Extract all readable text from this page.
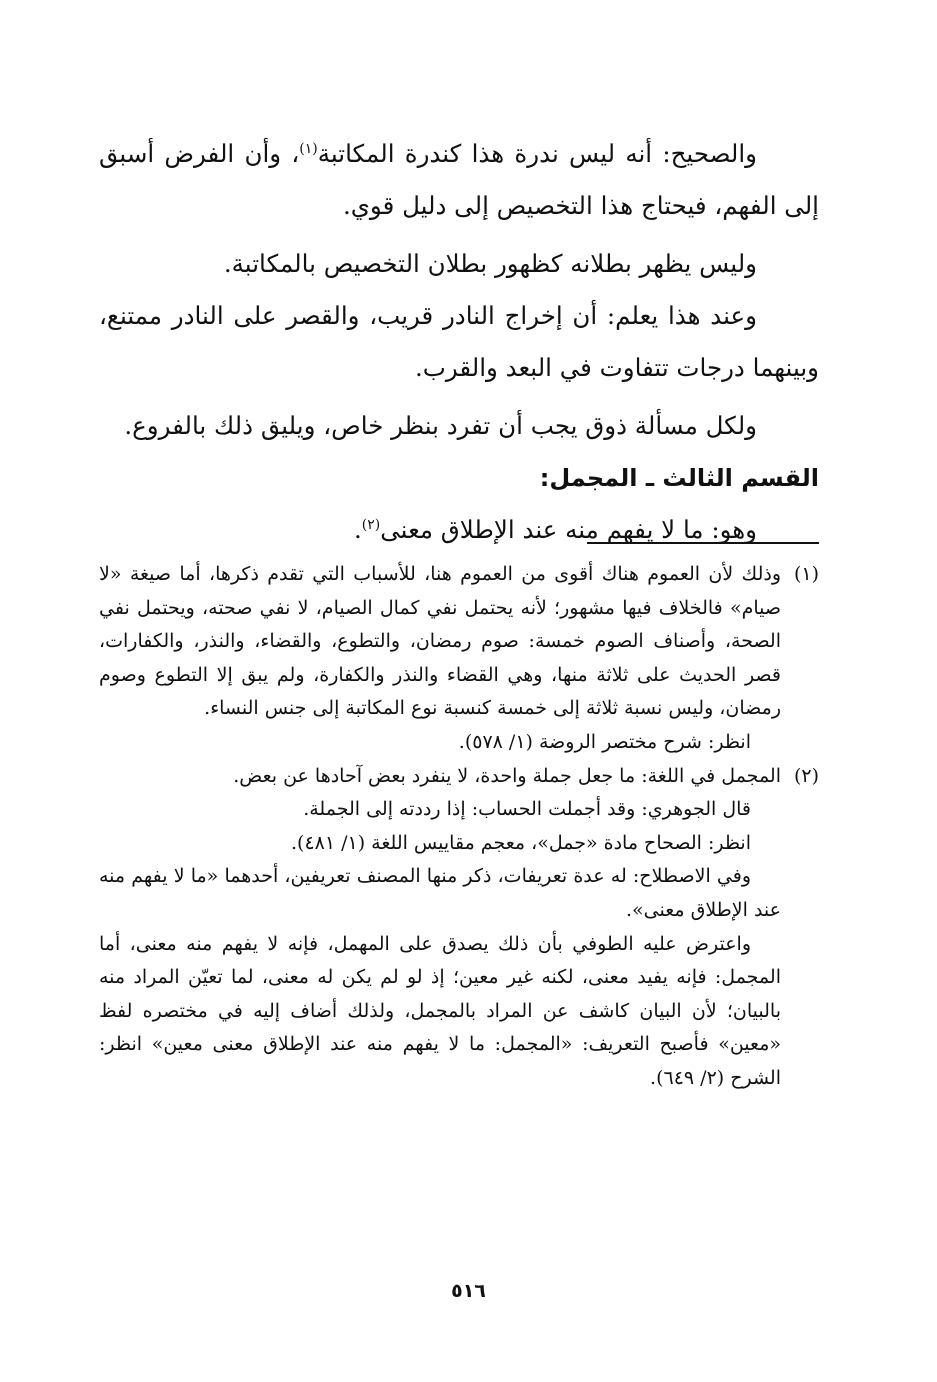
والصحيح: أنه ليس ندرة هذا كندرة المكاتبة$^{(١)}$، وأن الفرض أسبق إلى الفهم، فيحتاج هذا التخصيص إلى دليل قوي.

وليس يظهر بطلانه كظهور بطلان التخصيص بالمكاتبة.

وعند هذا يعلم: أن إخراج النادر قريب، والقصر على النادر ممتنع، وبينهما درجات تتفاوت في البعد والقرب.

ولكل مسألة ذوق يجب أن تفرد بنظر خاص، ويليق ذلك بالفروع.

القسم الثالث ـ المجمل:

وهو: ما لا يفهم منه عند الإطلاق معنى$^{(٢)}$.

(١)

وذلك لأن العموم هناك أقوى من العموم هنا، للأسباب التي تقدم ذكرها، أما صيغة «لا صيام» فالخلاف فيها مشهور؛ لأنه يحتمل نفي كمال الصيام، لا نفي صحته، ويحتمل نفي الصحة، وأصناف الصوم خمسة: صوم رمضان، والتطوع، والقضاء، والنذر، والكفارات، قصر الحديث على ثلاثة منها، وهي القضاء والنذر والكفارة، ولم يبق إلا التطوع وصوم رمضان، وليس نسبة ثلاثة إلى خمسة كنسبة نوع المكاتبة إلى جنس النساء.

انظر: شرح مختصر الروضة (١/ ٥٧٨).

(٢)

المجمل في اللغة: ما جعل جملة واحدة، لا ينفرد بعض آحادها عن بعض.

قال الجوهري: وقد أجملت الحساب: إذا رددته إلى الجملة.

انظر: الصحاح مادة «جمل»، معجم مقاييس اللغة (١/ ٤٨١).

وفي الاصطلاح: له عدة تعريفات، ذكر منها المصنف تعريفين، أحدهما «ما لا يفهم منه عند الإطلاق معنى».

واعترض عليه الطوفي بأن ذلك يصدق على المهمل، فإنه لا يفهم منه معنى، أما المجمل: فإنه يفيد معنى، لكنه غير معين؛ إذ لو لم يكن له معنى، لما تعيّن المراد منه بالبيان؛ لأن البيان كاشف عن المراد بالمجمل، ولذلك أضاف إليه في مختصره لفظ «معين» فأصبح التعريف: «المجمل: ما لا يفهم منه عند الإطلاق معنى معين» انظر: الشرح (٢/ ٦٤٩).

٥١٦
